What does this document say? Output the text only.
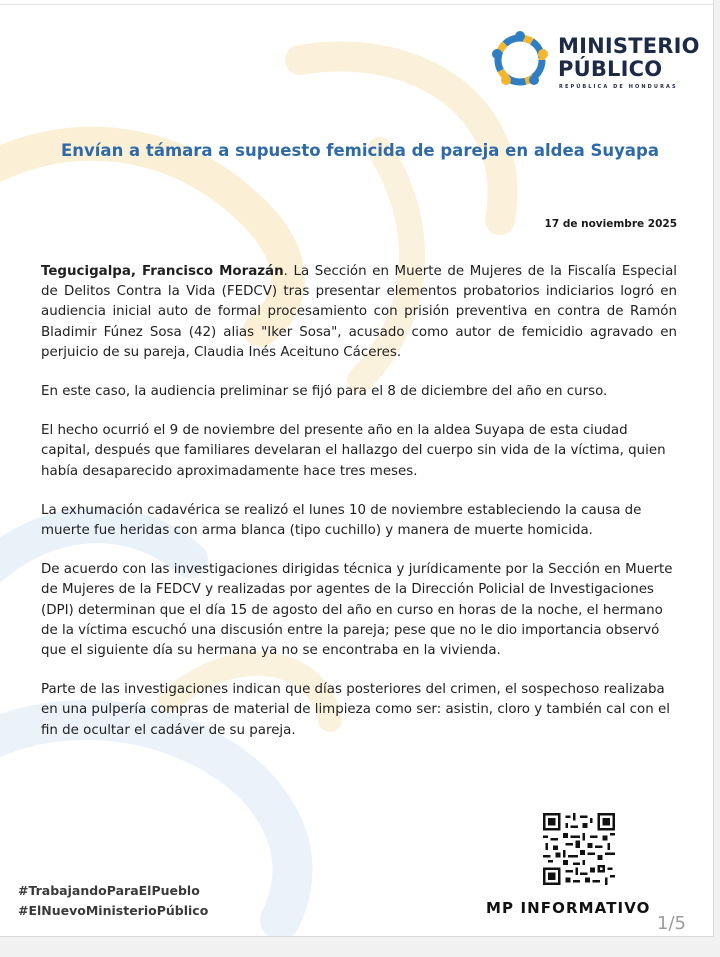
MINISTERIO
PÚBLICO
REPÚBLICA DE HONDURAS
Envían a támara a supuesto femicida de pareja en aldea Suyapa
17 de noviembre 2025

Tegucigalpa, Francisco Morazán. La Sección en Muerte de Mujeres de la Fiscalía Especial de Delitos Contra la Vida (FEDCV) tras presentar elementos probatorios indiciarios logró en audiencia inicial auto de formal procesamiento con prisión preventiva en contra de Ramón Bladimir Fúnez Sosa (42) alias "Iker Sosa", acusado como autor de femicidio agravado en perjuicio de su pareja, Claudia Inés Aceituno Cáceres.

En este caso, la audiencia preliminar se fijó para el 8 de diciembre del año en curso.

El hecho ocurrió el 9 de noviembre del presente año en la aldea Suyapa de esta ciudad capital, después que familiares develaran el hallazgo del cuerpo sin vida de la víctima, quien había desaparecido aproximadamente hace tres meses.

La exhumación cadavérica se realizó el lunes 10 de noviembre estableciendo la causa de muerte fue heridas con arma blanca (tipo cuchillo) y manera de muerte homicida.

De acuerdo con las investigaciones dirigidas técnica y jurídicamente por la Sección en Muerte de Mujeres de la FEDCV y realizadas por agentes de la Dirección Policial de Investigaciones (DPI) determinan que el día 15 de agosto del año en curso en horas de la noche, el hermano de la víctima escuchó una discusión entre la pareja; pese que no le dio importancia observó que el siguiente día su hermana ya no se encontraba en la vivienda.

Parte de las investigaciones indican que días posteriores del crimen, el sospechoso realizaba en una pulpería compras de material de limpieza como ser: asistin, cloro y también cal con el fin de ocultar el cadáver de su pareja.

#TrabajandoParaElPueblo
#ElNuevoMinisterioPúblico	MP INFORMATIVO
1/5
